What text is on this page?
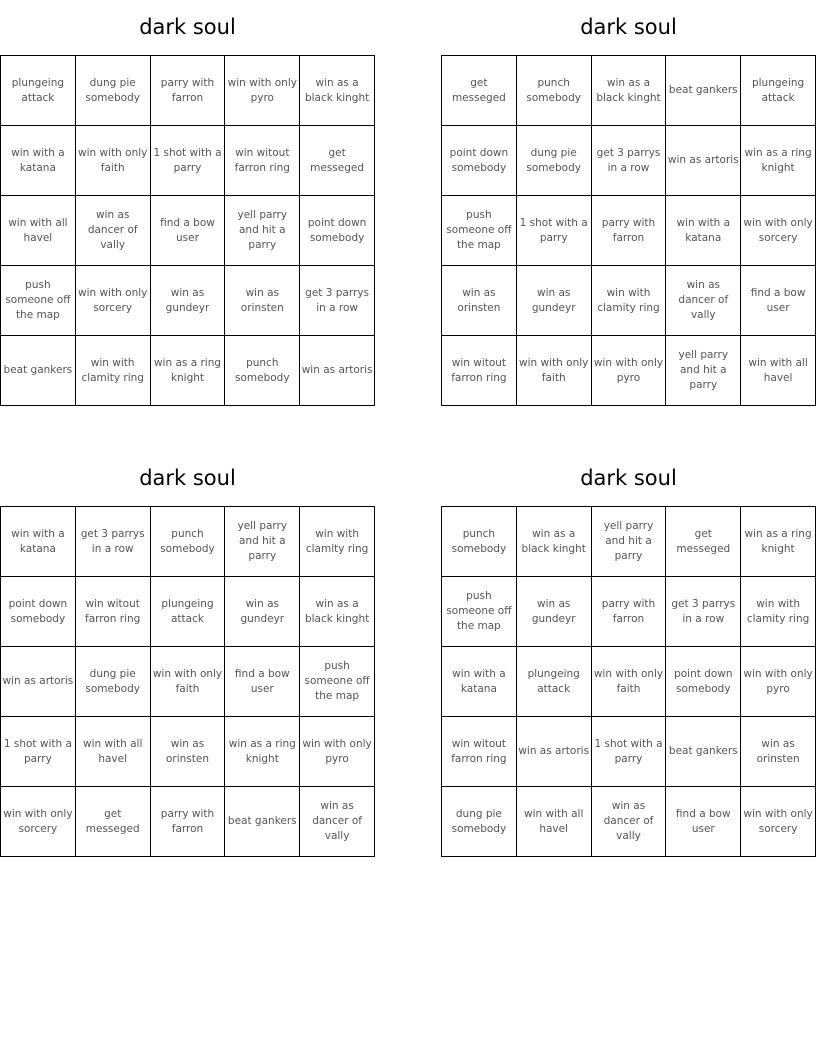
dark soul
plungeing attack
dung pie somebody
parry with farron
win with only pyro
win as a black kinght
win with a katana
win with only faith
1 shot with a parry
win witout farron ring
get messeged
win with all havel
win as dancer of vally
find a bow user
yell parry and hit a parry
point down somebody
push someone off the map
win with only sorcery
win as gundeyr
win as orinsten
get 3 parrys in a row
beat gankers
win with clamity ring
win as a ring knight
punch somebody
win as artoris
dark soul
get messeged
punch somebody
win as a black kinght
beat gankers
plungeing attack
point down somebody
dung pie somebody
get 3 parrys in a row
win as artoris
win as a ring knight
push someone off the map
1 shot with a parry
parry with farron
win with a katana
win with only sorcery
win as orinsten
win as gundeyr
win with clamity ring
win as dancer of vally
find a bow user
win witout farron ring
win with only faith
win with only pyro
yell parry and hit a parry
win with all havel
dark soul
win with a katana
get 3 parrys in a row
punch somebody
yell parry and hit a parry
win with clamity ring
point down somebody
win witout farron ring
plungeing attack
win as gundeyr
win as a black kinght
win as artoris
dung pie somebody
win with only faith
find a bow user
push someone off the map
1 shot with a parry
win with all havel
win as orinsten
win as a ring knight
win with only pyro
win with only sorcery
get messeged
parry with farron
beat gankers
win as dancer of vally
dark soul
punch somebody
win as a black kinght
yell parry and hit a parry
get messeged
win as a ring knight
push someone off the map
win as gundeyr
parry with farron
get 3 parrys in a row
win with clamity ring
win with a katana
plungeing attack
win with only faith
point down somebody
win with only pyro
win witout farron ring
win as artoris
1 shot with a parry
beat gankers
win as orinsten
dung pie somebody
win with all havel
win as dancer of vally
find a bow user
win with only sorcery
